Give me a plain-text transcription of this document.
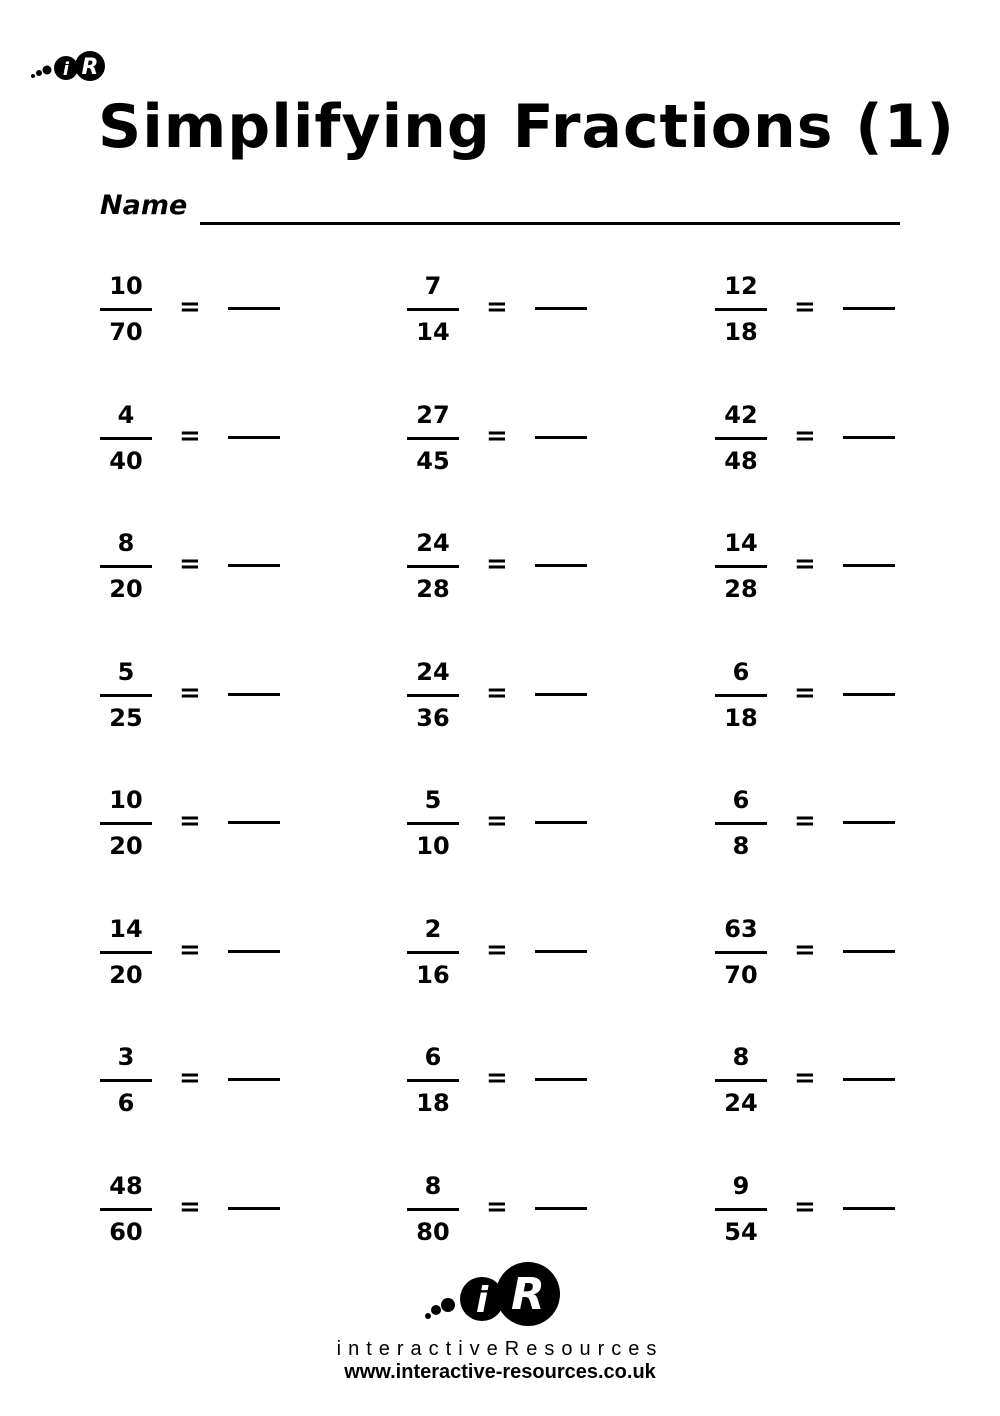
i R
Simplifying Fractions (1)
Name
10
70
=
7
14
=
12
18
=
4
40
=
27
45
=
42
48
=
8
20
=
24
28
=
14
28
=
5
25
=
24
36
=
6
18
=
10
20
=
5
10
=
6
8
=
14
20
=
2
16
=
63
70
=
3
6
=
6
18
=
8
24
=
48
60
=
8
80
=
9
54
=
i R
interactiveResources
www.interactive-resources.co.uk
